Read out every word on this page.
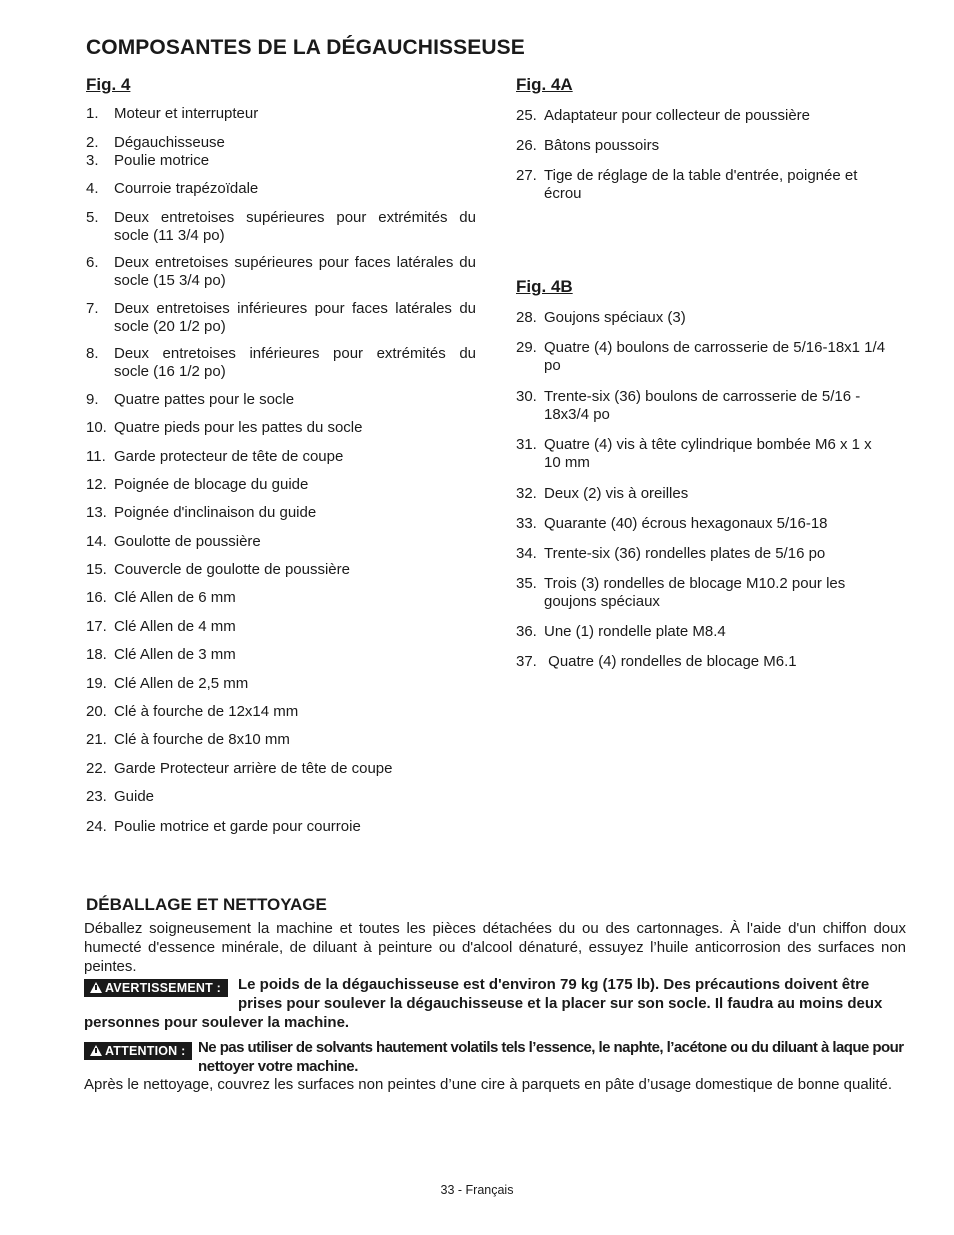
COMPOSANTES DE LA DÉGAUCHISSEUSE
Fig. 4
1.	Moteur et interrupteur
2.	Dégauchisseuse
3.	Poulie motrice
4.	Courroie trapézoïdale
5.	Deux entretoises supérieures pour extrémités du
socle (11 3/4 po)
6.	Deux entretoises supérieures pour faces latérales du
socle (15 3/4 po)
7.	Deux entretoises inférieures pour faces latérales du
socle (20 1/2 po)
8.	Deux entretoises inférieures pour extrémités du
socle (16 1/2 po)
9.	Quatre pattes pour le socle
10. Quatre pieds pour les pattes du socle
11. Garde protecteur de tête de coupe
12. Poignée de blocage du guide
13. Poignée d'inclinaison du guide
14. Goulotte de poussière
15. Couvercle de goulotte de poussière
16. Clé Allen de 6 mm
17. Clé Allen de 4 mm
18. Clé Allen de 3 mm
19. Clé Allen de 2,5 mm
20. Clé à fourche de 12x14 mm
21. Clé à fourche de 8x10 mm
22. Garde Protecteur arrière de tête de coupe
23. Guide
24. Poulie motrice et garde pour courroie
Fig. 4A
25. Adaptateur pour collecteur de poussière
26. Bâtons poussoirs
27. Tige de réglage de la table d'entrée, poignée et
écrou
Fig. 4B
28. Goujons spéciaux (3)
29. Quatre (4) boulons de carrosserie de 5/16-18x1 1/4
po
30. Trente-six (36) boulons de carrosserie de 5/16 -
18x3/4 po
31. Quatre (4) vis à tête cylindrique bombée M6 x 1 x
10 mm
32. Deux (2) vis à oreilles
33. Quarante (40) écrous hexagonaux 5/16-18
34. Trente-six (36) rondelles plates de 5/16 po
35. Trois (3) rondelles de blocage M10.2 pour les
goujons spéciaux
36. Une (1) rondelle plate M8.4
37. Quatre (4) rondelles de blocage M6.1
DÉBALLAGE ET NETTOYAGE
Déballez soigneusement la machine et toutes les pièces détachées du ou des cartonnages. À l'aide d'un chiffon doux humecté d'essence minérale, de diluant à peinture ou d'alcool dénaturé, essuyez l’huile anticorrosion des surfaces non peintes.
AVERTISSEMENT :	Le poids de la dégauchisseuse est d'environ 79 kg (175 lb). Des précautions doivent être
prises pour soulever la dégauchisseuse et la placer sur son socle. Il faudra au moins deux
personnes pour soulever la machine.
ATTENTION : Ne pas utiliser de solvants hautement volatils tels l’essence, le naphte, l’acétone ou du diluant à laque pour
nettoyer votre machine.
Après le nettoyage, couvrez les surfaces non peintes d’une cire à parquets en pâte d’usage domestique de bonne qualité.
33 - Français
